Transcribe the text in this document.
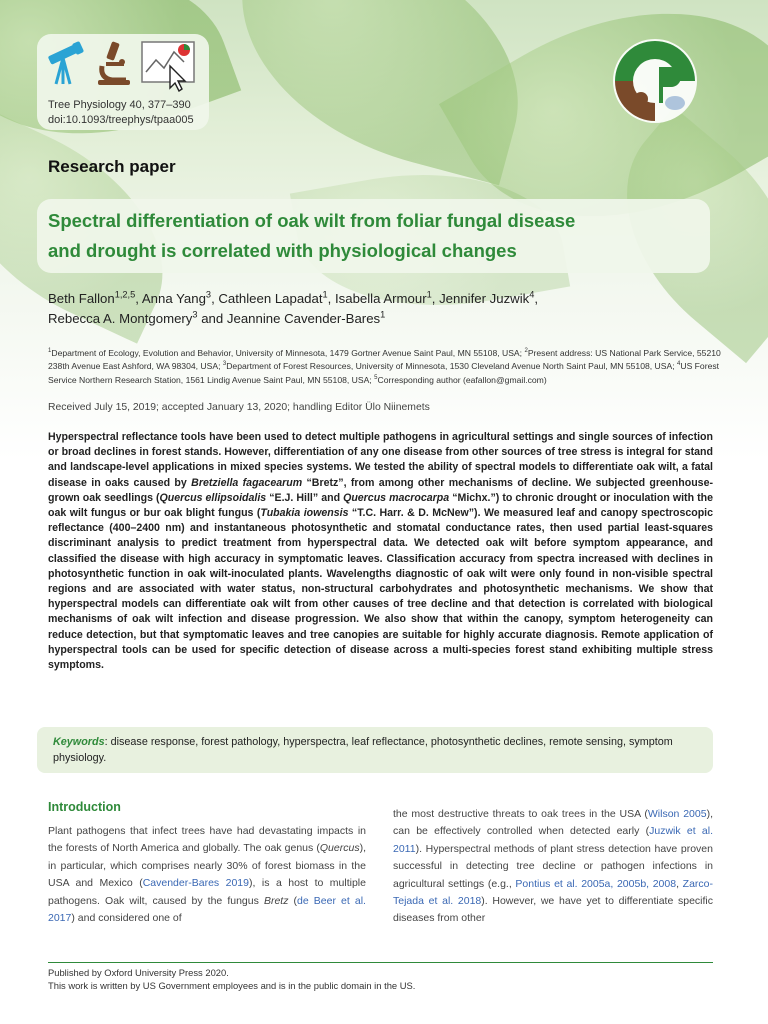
Tree Physiology 40, 377–390
doi:10.1093/treephys/tpaa005
Research paper
Spectral differentiation of oak wilt from foliar fungal disease
and drought is correlated with physiological changes
Beth Fallon$^{1,2,5}$, Anna Yang$^3$, Cathleen Lapadat$^1$, Isabella Armour$^1$, Jennifer Juzwik$^4$,
Rebecca A. Montgomery$^3$ and Jeannine Cavender-Bares$^1$
$^1$Department of Ecology, Evolution and Behavior, University of Minnesota, 1479 Gortner Avenue Saint Paul, MN 55108, USA; $^2$Present address: US National Park Service, 55210 238th Avenue East Ashford, WA 98304, USA; $^3$Department of Forest Resources, University of Minnesota, 1530 Cleveland Avenue North Saint Paul, MN 55108, USA; $^4$US Forest Service Northern Research Station, 1561 Lindig Avenue Saint Paul, MN 55108, USA; $^5$Corresponding author (eafallon@gmail.com)
Received July 15, 2019; accepted January 13, 2020; handling Editor Ülo Niinemets
Hyperspectral reflectance tools have been used to detect multiple pathogens in agricultural settings and single sources of infection or broad declines in forest stands. However, differentiation of any one disease from other sources of tree stress is integral for stand and landscape-level applications in mixed species systems. We tested the ability of spectral models to differentiate oak wilt, a fatal disease in oaks caused by Bretziella fagacearum “Bretz”, from among other mechanisms of decline. We subjected greenhouse-grown oak seedlings (Quercus ellipsoidalis “E.J. Hill” and Quercus macrocarpa “Michx.”) to chronic drought or inoculation with the oak wilt fungus or bur oak blight fungus (Tubakia iowensis “T.C. Harr. & D. McNew”). We measured leaf and canopy spectroscopic reflectance (400–2400 nm) and instantaneous photosynthetic and stomatal conductance rates, then used partial least-squares discriminant analysis to predict treatment from hyperspectral data. We detected oak wilt before symptom appearance, and classified the disease with high accuracy in symptomatic leaves. Classification accuracy from spectra increased with declines in photosynthetic function in oak wilt-inoculated plants. Wavelengths diagnostic of oak wilt were only found in non-visible spectral regions and are associated with water status, non-structural carbohydrates and photosynthetic mechanisms. We show that hyperspectral models can differentiate oak wilt from other causes of tree decline and that detection is correlated with biological mechanisms of oak wilt infection and disease progression. We also show that within the canopy, symptom heterogeneity can reduce detection, but that symptomatic leaves and tree canopies are suitable for highly accurate diagnosis. Remote application of hyperspectral tools can be used for specific detection of disease across a multi-species forest stand exhibiting multiple stress symptoms.
Keywords: disease response, forest pathology, hyperspectra, leaf reflectance, photosynthetic declines, remote sensing, symptom physiology.
Introduction
Plant pathogens that infect trees have had devastating impacts in the forests of North America and globally. The oak genus (Quercus), in particular, which comprises nearly 30% of forest biomass in the USA and Mexico (Cavender-Bares 2019), is a host to multiple pathogens. Oak wilt, caused by the fungus Bretz (de Beer et al. 2017) and considered one of
the most destructive threats to oak trees in the USA (Wilson 2005), can be effectively controlled when detected early (Juzwik et al. 2011). Hyperspectral methods of plant stress detection have proven successful in detecting tree decline or pathogen infections in agricultural settings (e.g., Pontius et al. 2005a, 2005b, 2008, Zarco-Tejada et al. 2018). However, we have yet to differentiate specific diseases from other
Published by Oxford University Press 2020.
This work is written by US Government employees and is in the public domain in the US.
